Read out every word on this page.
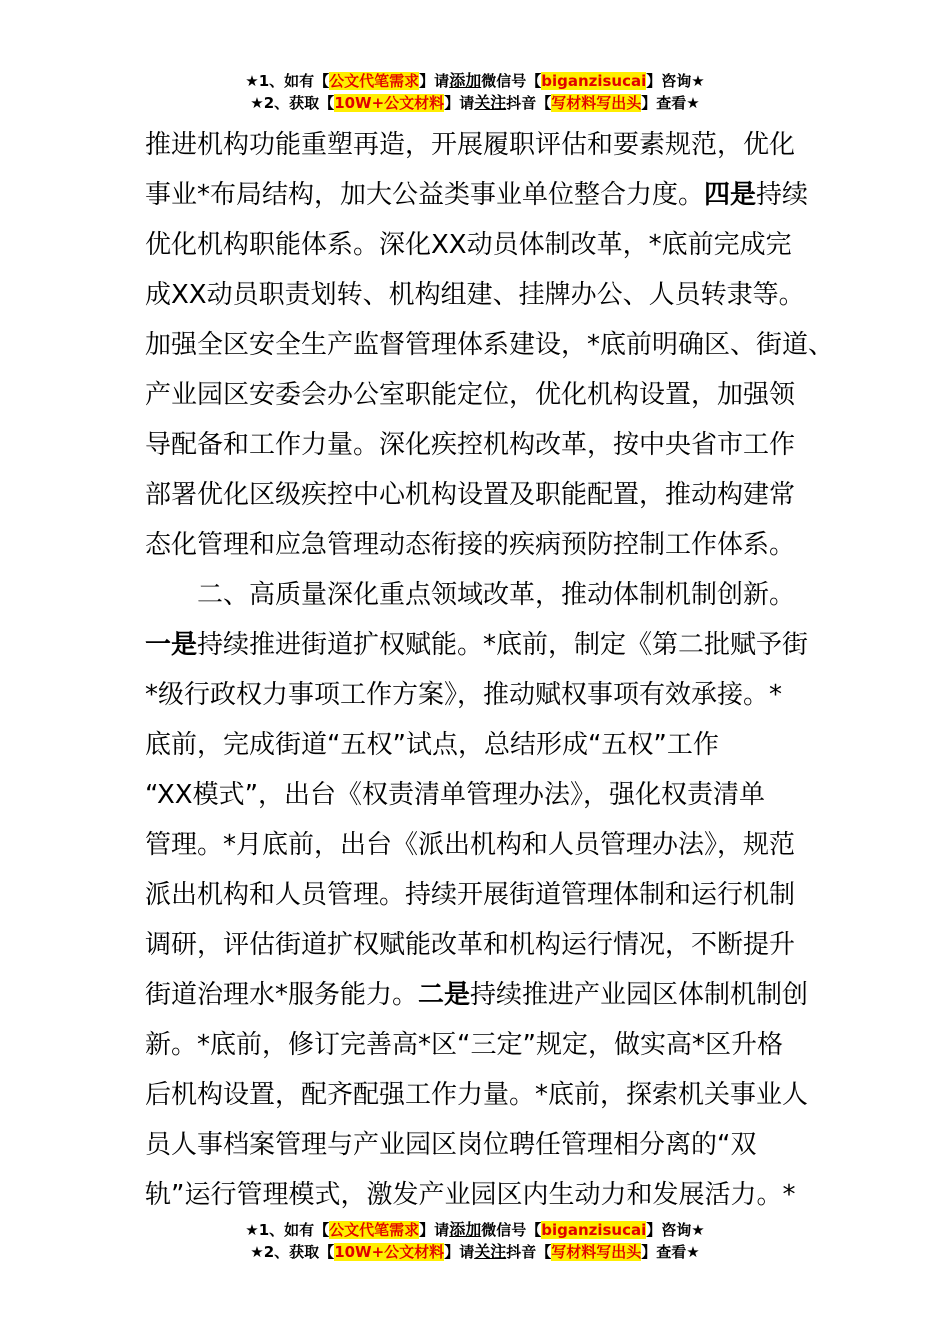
★1、如有【公文代笔需求】请添加微信号【biganzisucai】咨询★
★2、获取【10W+公文材料】请关注抖音【写材料写出头】查看★
推进机构功能重塑再造，开展履职评估和要素规范，优化
事业*布局结构，加大公益类事业单位整合力度。四是持续
优化机构职能体系。深化XX动员体制改革，*底前完成完
成XX动员职责划转、机构组建、挂牌办公、人员转隶等。
加强全区安全生产监督管理体系建设，*底前明确区、街道、
产业园区安委会办公室职能定位，优化机构设置，加强领
导配备和工作力量。深化疾控机构改革，按中央省市工作
部署优化区级疾控中心机构设置及职能配置，推动构建常
态化管理和应急管理动态衔接的疾病预防控制工作体系。
二、高质量深化重点领域改革，推动体制机制创新。
一是持续推进街道扩权赋能。*底前，制定《第二批赋予街
*级行政权力事项工作方案》，推动赋权事项有效承接。*
底前，完成街道“五权”试点，总结形成“五权”工作
“XX模式”，出台《权责清单管理办法》，强化权责清单
管理。*月底前，出台《派出机构和人员管理办法》，规范
派出机构和人员管理。持续开展街道管理体制和运行机制
调研，评估街道扩权赋能改革和机构运行情况，不断提升
街道治理水*服务能力。二是持续推进产业园区体制机制创
新。*底前，修订完善高*区“三定”规定，做实高*区升格
后机构设置，配齐配强工作力量。*底前，探索机关事业人
员人事档案管理与产业园区岗位聘任管理相分离的“双
轨”运行管理模式，激发产业园区内生动力和发展活力。*
★1、如有【公文代笔需求】请添加微信号【biganzisucai】咨询★
★2、获取【10W+公文材料】请关注抖音【写材料写出头】查看★
